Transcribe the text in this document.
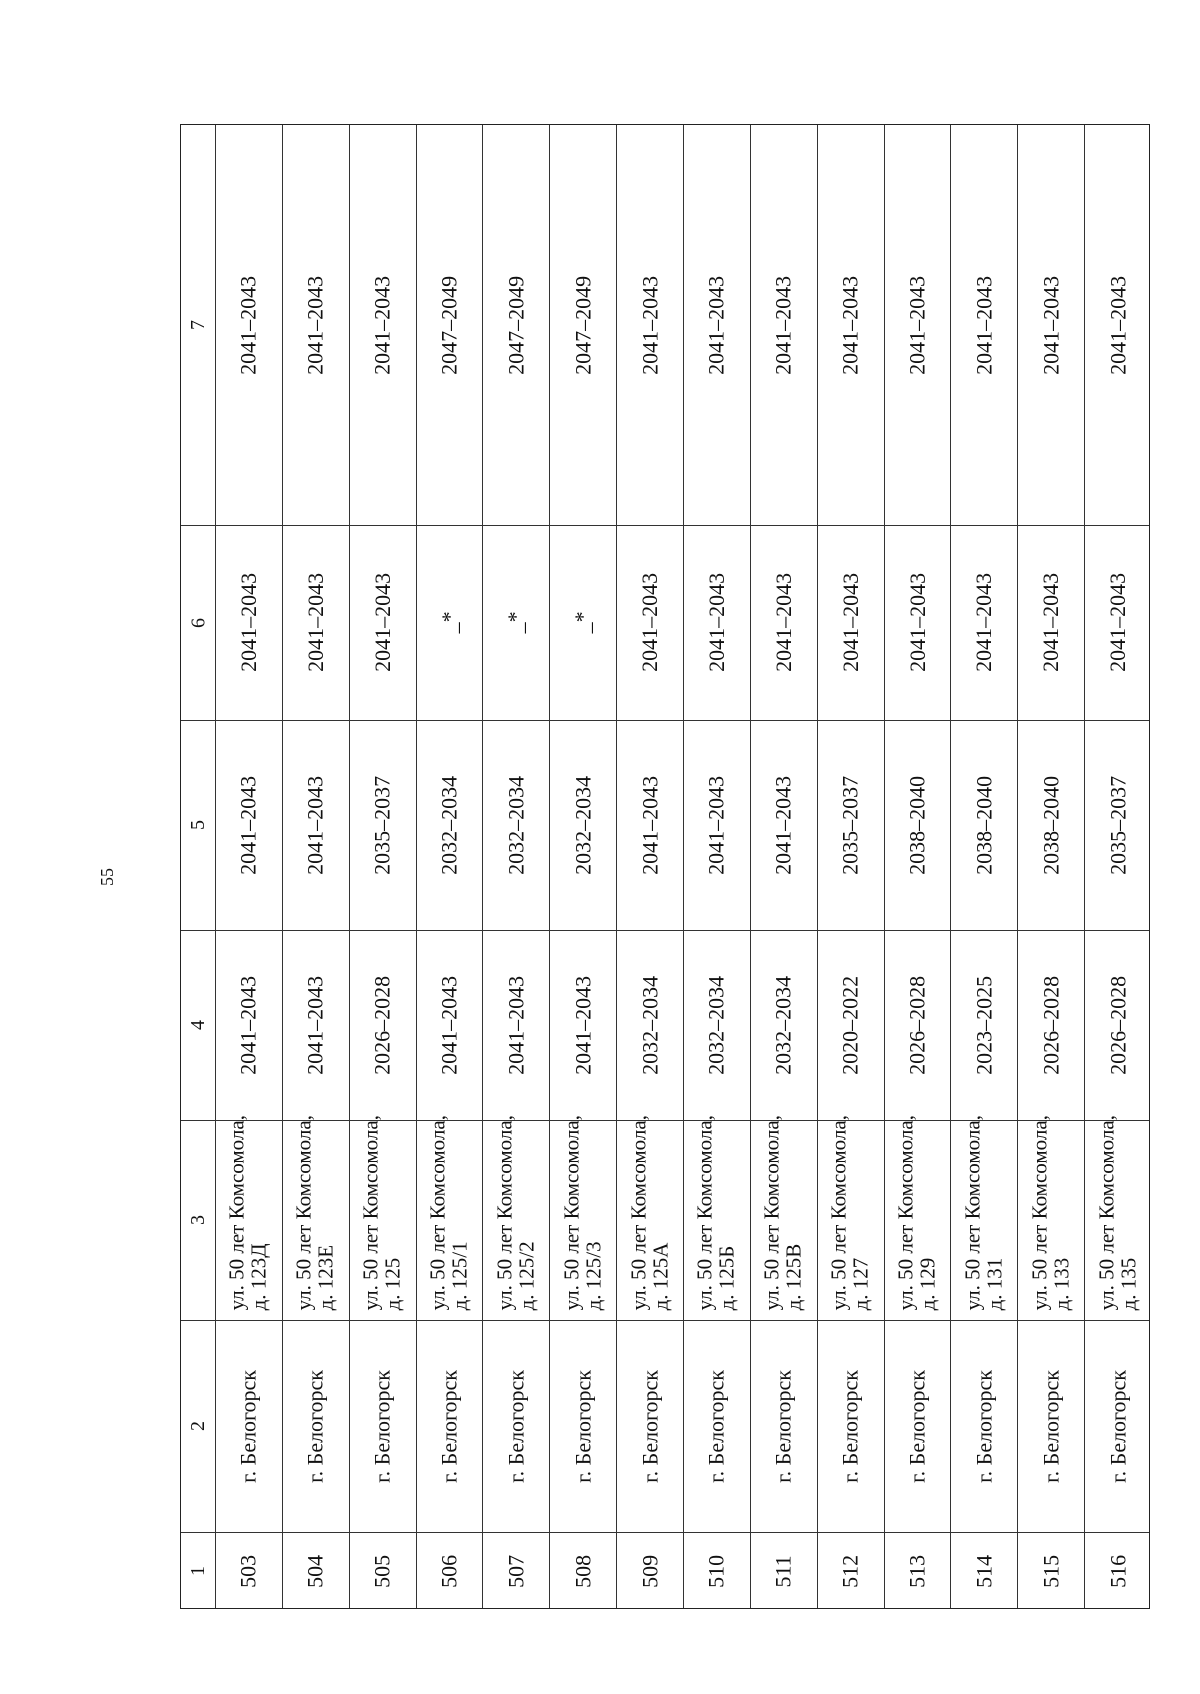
55
1
2
3
4
5
6
7
503
г. Белогорск
ул. 50 лет Комсомола,
д. 123Д
2041–2043
2041–2043
2041–2043
2041–2043
504
г. Белогорск
ул. 50 лет Комсомола,
д. 123Е
2041–2043
2041–2043
2041–2043
2041–2043
505
г. Белогорск
ул. 50 лет Комсомола,
д. 125
2026–2028
2035–2037
2041–2043
2041–2043
506
г. Белогорск
ул. 50 лет Комсомола,
д. 125/1
2041–2043
2032–2034
_*
2047–2049
507
г. Белогорск
ул. 50 лет Комсомола,
д. 125/2
2041–2043
2032–2034
_*
2047–2049
508
г. Белогорск
ул. 50 лет Комсомола,
д. 125/3
2041–2043
2032–2034
_*
2047–2049
509
г. Белогорск
ул. 50 лет Комсомола,
д. 125А
2032–2034
2041–2043
2041–2043
2041–2043
510
г. Белогорск
ул. 50 лет Комсомола,
д. 125Б
2032–2034
2041–2043
2041–2043
2041–2043
511
г. Белогорск
ул. 50 лет Комсомола,
д. 125В
2032–2034
2041–2043
2041–2043
2041–2043
512
г. Белогорск
ул. 50 лет Комсомола,
д. 127
2020–2022
2035–2037
2041–2043
2041–2043
513
г. Белогорск
ул. 50 лет Комсомола,
д. 129
2026–2028
2038–2040
2041–2043
2041–2043
514
г. Белогорск
ул. 50 лет Комсомола,
д. 131
2023–2025
2038–2040
2041–2043
2041–2043
515
г. Белогорск
ул. 50 лет Комсомола,
д. 133
2026–2028
2038–2040
2041–2043
2041–2043
516
г. Белогорск
ул. 50 лет Комсомола,
д. 135
2026–2028
2035–2037
2041–2043
2041–2043
